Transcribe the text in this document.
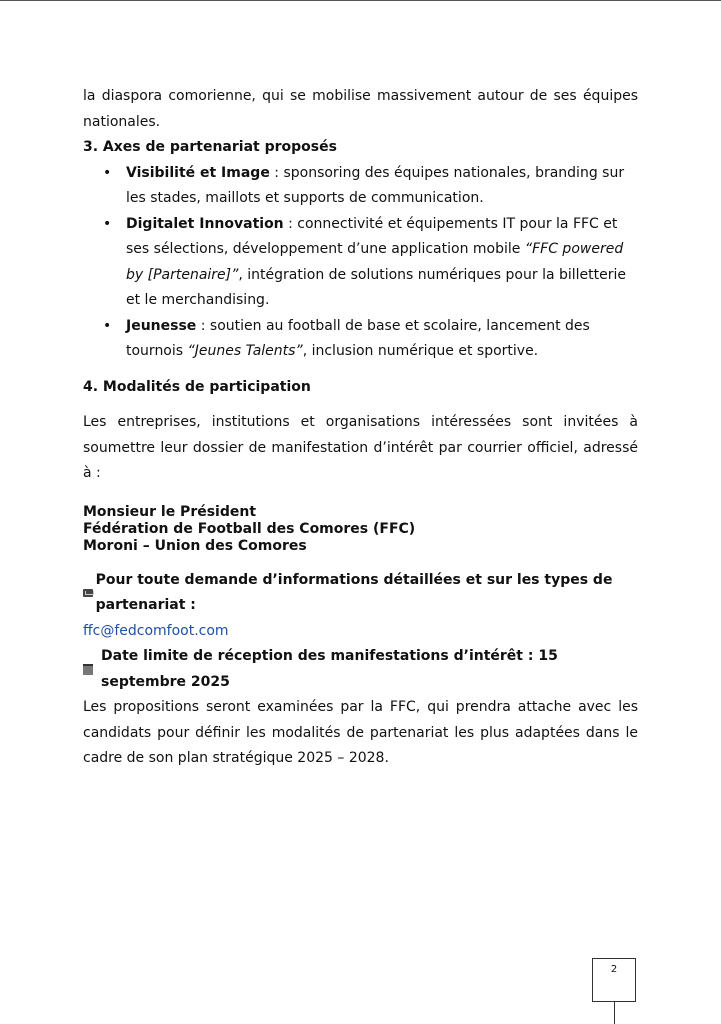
la diaspora comorienne, qui se mobilise massivement autour de ses équipes nationales.

3. Axes de partenariat proposés

• Visibilité et Image : sponsoring des équipes nationales, branding sur les stades, maillots et supports de communication.
• Digitalet Innovation : connectivité et équipements IT pour la FFC et ses sélections, développement d’une application mobile “FFC powered by [Partenaire]”, intégration de solutions numériques pour la billetterie et le merchandising.
• Jeunesse : soutien au football de base et scolaire, lancement des tournois “Jeunes Talents”, inclusion numérique et sportive.

4. Modalités de participation

Les entreprises, institutions et organisations intéressées sont invitées à soumettre leur dossier de manifestation d’intérêt par courrier officiel, adressé à :

Monsieur le Président
Fédération de Football des Comores (FFC)
Moroni – Union des Comores

Pour toute demande d’informations détaillées et sur les types de partenariat :

ffc@fedcomfoot.com

Date limite de réception des manifestations d’intérêt : 15 septembre 2025

Les propositions seront examinées par la FFC, qui prendra attache avec les candidats pour définir les modalités de partenariat les plus adaptées dans le cadre de son plan stratégique 2025 – 2028.

2
